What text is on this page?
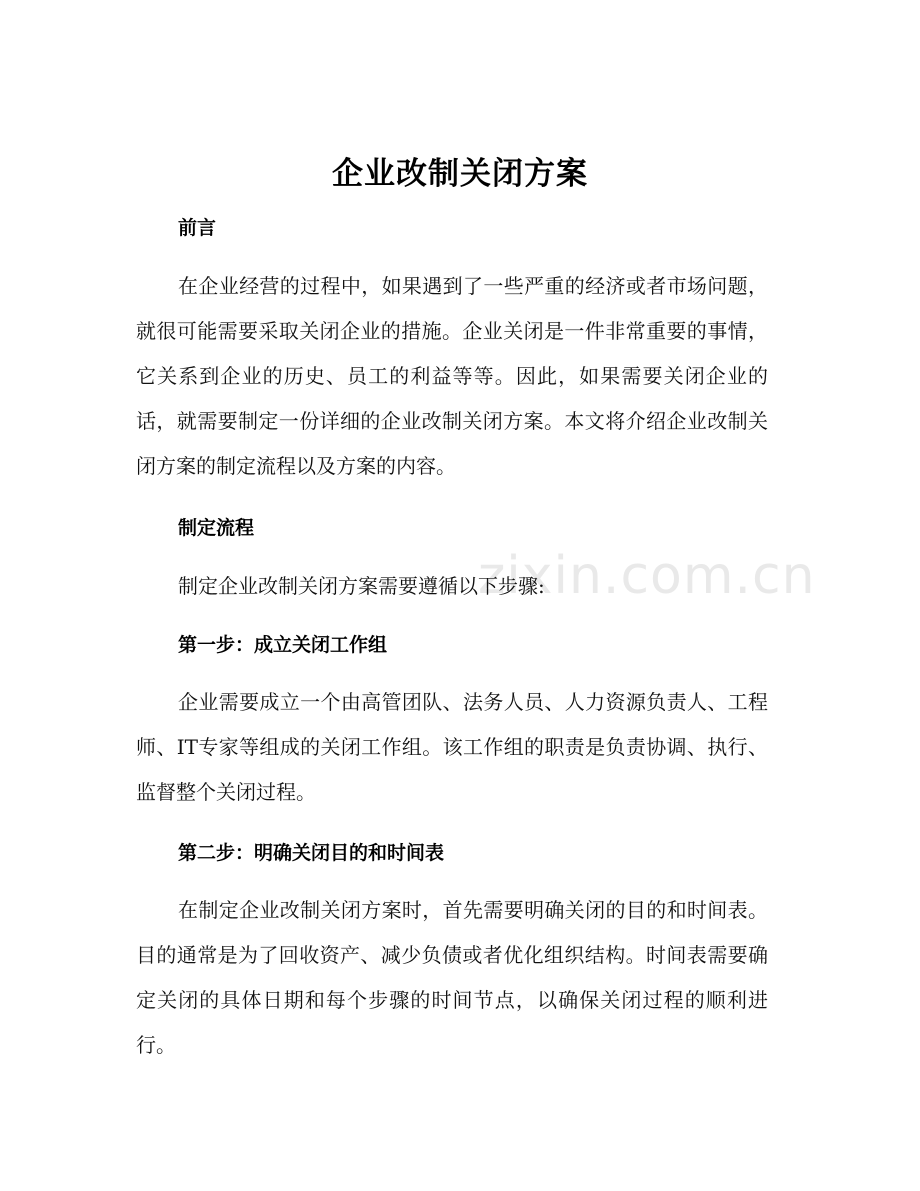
zixin.com.cn
企业改制关闭方案
前言
在企业经营的过程中，如果遇到了一些严重的经济或者市场问题，就很可能需要采取关闭企业的措施。企业关闭是一件非常重要的事情，它关系到企业的历史、员工的利益等等。因此，如果需要关闭企业的话，就需要制定一份详细的企业改制关闭方案。本文将介绍企业改制关闭方案的制定流程以及方案的内容。
制定流程
制定企业改制关闭方案需要遵循以下步骤:
第一步：成立关闭工作组
企业需要成立一个由高管团队、法务人员、人力资源负责人、工程师、IT专家等组成的关闭工作组。该工作组的职责是负责协调、执行、监督整个关闭过程。
第二步：明确关闭目的和时间表
在制定企业改制关闭方案时，首先需要明确关闭的目的和时间表。目的通常是为了回收资产、减少负债或者优化组织结构。时间表需要确定关闭的具体日期和每个步骤的时间节点，以确保关闭过程的顺利进行。
